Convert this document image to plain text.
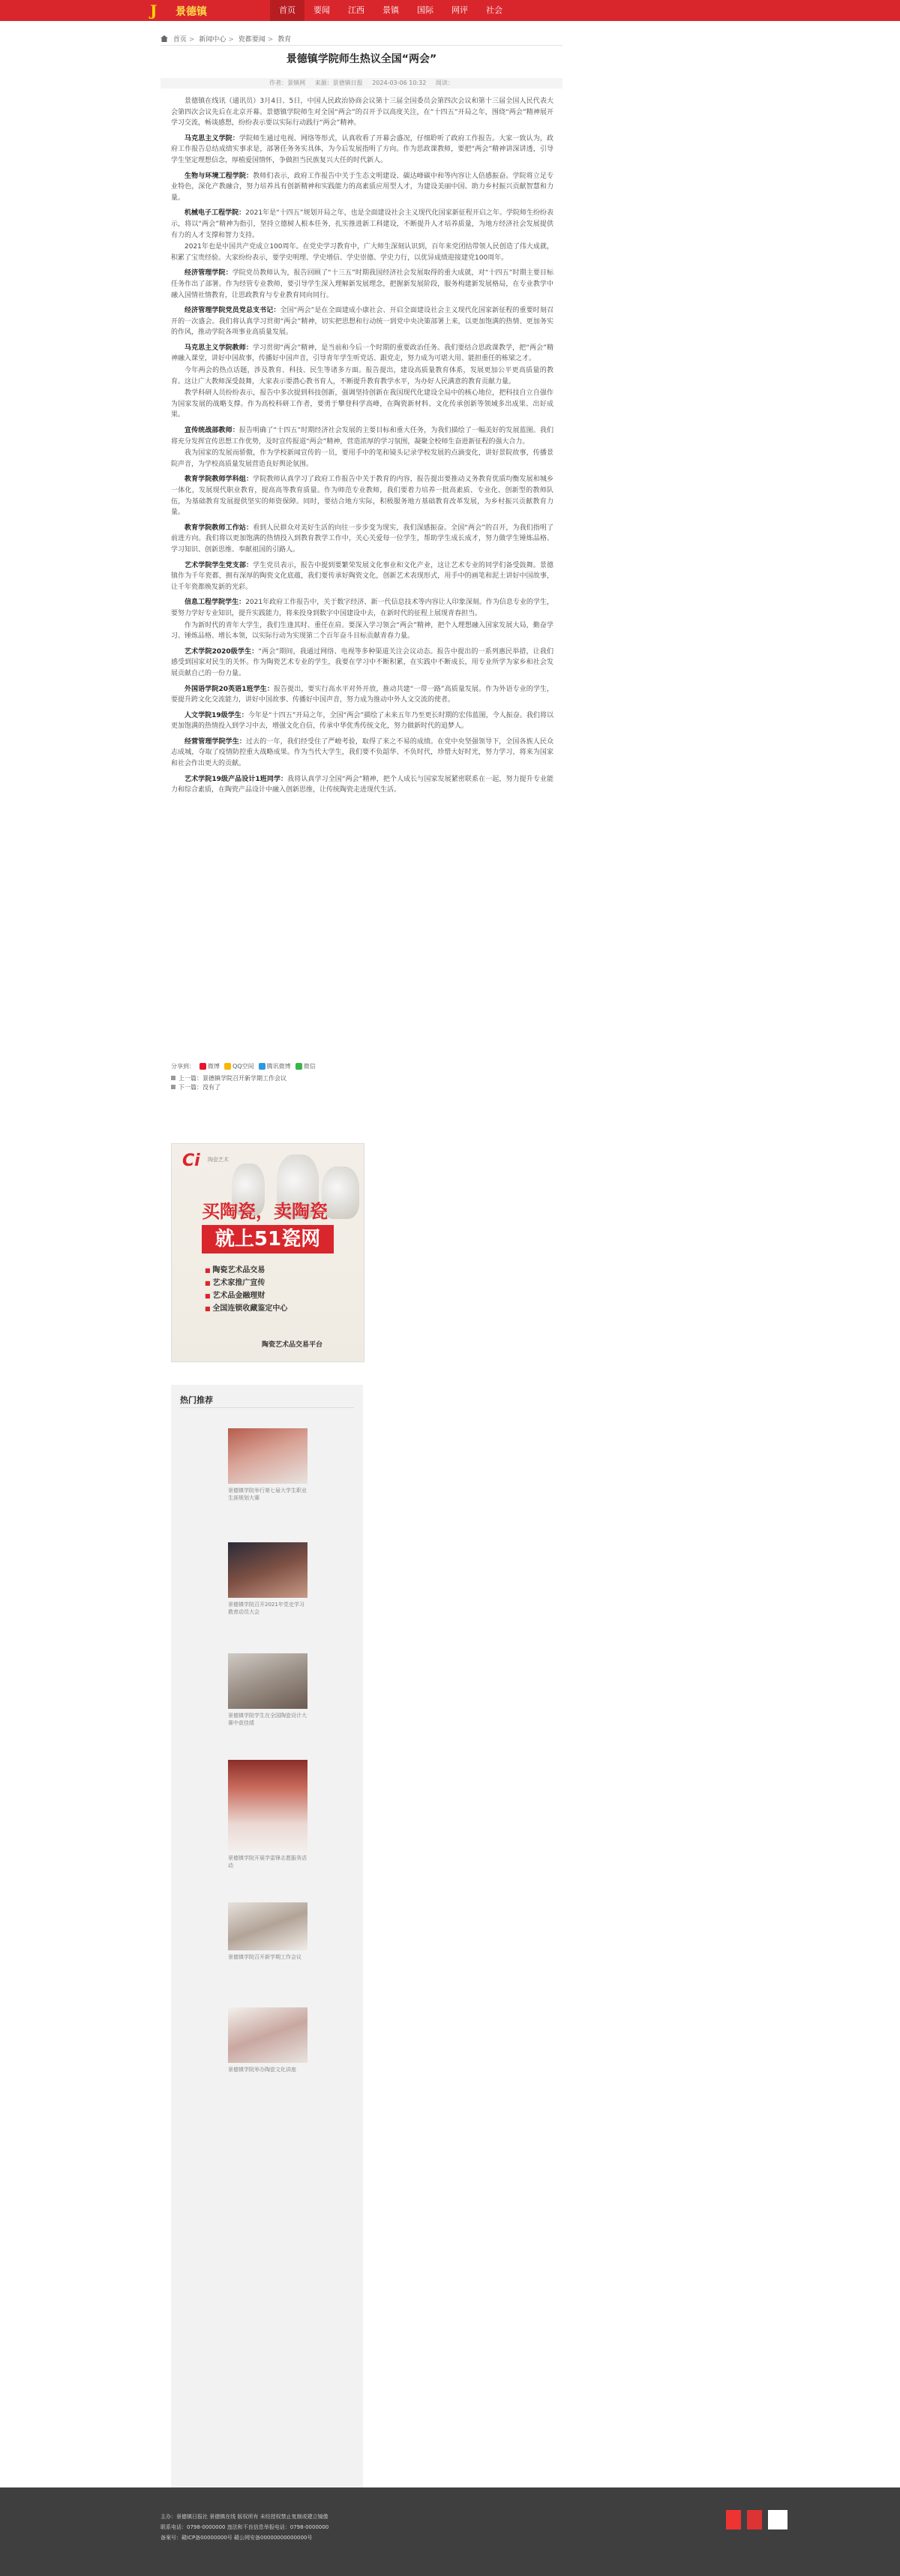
J 景德镇	首页	要闻	江西	景镇	国际	网评	社会
首页 > 新闻中心 > 瓷都要闻 > 教育
景德镇学院师生热议全国“两会”
作者：景镇网 来源：景德镇日报 2024-03-06 10:32 阅读：

景德镇在线讯（通讯员）3月4日、5日，中国人民政治协商会议第十三届全国委员会第四次会议和第十三届全国人民代表大会第四次会议先后在北京开幕。景德镇学院师生对全国“两会”的召开予以高度关注，在“十四五”开局之年，围绕“两会”精神展开学习交流，畅谈感想，纷纷表示要以实际行动践行“两会”精神。

马克思主义学院：学院师生通过电视、网络等形式，认真收看了开幕会盛况，仔细聆听了政府工作报告。大家一致认为，政府工作报告总结成绩实事求是，部署任务务实具体，为今后发展指明了方向。作为思政课教师，要把“两会”精神讲深讲透，引导学生坚定理想信念，厚植爱国情怀，争做担当民族复兴大任的时代新人。

生物与环境工程学院：教师们表示，政府工作报告中关于生态文明建设、碳达峰碳中和等内容让人倍感振奋。学院将立足专业特色，深化产教融合，努力培养具有创新精神和实践能力的高素质应用型人才，为建设美丽中国、助力乡村振兴贡献智慧和力量。

机械电子工程学院：2021年是“十四五”规划开局之年，也是全面建设社会主义现代化国家新征程开启之年。学院师生纷纷表示，将以“两会”精神为指引，坚持立德树人根本任务，扎实推进新工科建设，不断提升人才培养质量，为地方经济社会发展提供有力的人才支撑和智力支持。

2021年也是中国共产党成立100周年。在党史学习教育中，广大师生深刻认识到，百年来党团结带领人民创造了伟大成就，积累了宝贵经验。大家纷纷表示，要学史明理、学史增信、学史崇德、学史力行，以优异成绩迎接建党100周年。

经济管理学院：学院党员教师认为，报告回顾了“十三五”时期我国经济社会发展取得的重大成就，对“十四五”时期主要目标任务作出了部署。作为经管专业教师，要引导学生深入理解新发展理念，把握新发展阶段，服务构建新发展格局，在专业教学中融入国情社情教育，让思政教育与专业教育同向同行。

经济管理学院党员党总支书记：全国“两会”是在全面建成小康社会、开启全面建设社会主义现代化国家新征程的重要时刻召开的一次盛会。我们将认真学习贯彻“两会”精神，切实把思想和行动统一到党中央决策部署上来，以更加饱满的热情、更加务实的作风，推动学院各项事业高质量发展。

马克思主义学院教师：学习贯彻“两会”精神，是当前和今后一个时期的重要政治任务。我们要结合思政课教学，把“两会”精神融入课堂，讲好中国故事，传播好中国声音，引导青年学生听党话、跟党走，努力成为可堪大用、能担重任的栋梁之才。

今年两会的热点话题，涉及教育、科技、民生等诸多方面。报告提出，建设高质量教育体系，发展更加公平更高质量的教育。这让广大教师深受鼓舞，大家表示要潜心教书育人，不断提升教育教学水平，为办好人民满意的教育贡献力量。

教学科研人员纷纷表示，报告中多次提到科技创新，强调坚持创新在我国现代化建设全局中的核心地位，把科技自立自强作为国家发展的战略支撑。作为高校科研工作者，要勇于攀登科学高峰，在陶瓷新材料、文化传承创新等领域多出成果、出好成果。

宣传统战部教师：报告明确了“十四五”时期经济社会发展的主要目标和重大任务，为我们描绘了一幅美好的发展蓝图。我们将充分发挥宣传思想工作优势，及时宣传报道“两会”精神，营造浓厚的学习氛围，凝聚全校师生奋进新征程的强大合力。

我为国家的发展而骄傲，作为学校新闻宣传的一员，要用手中的笔和镜头记录学校发展的点滴变化，讲好景院故事，传播景院声音，为学校高质量发展营造良好舆论氛围。

教育学院教师学科组：学院教师认真学习了政府工作报告中关于教育的内容，报告提出要推动义务教育优质均衡发展和城乡一体化，发展现代职业教育，提高高等教育质量。作为师范专业教师，我们要着力培养一批高素质、专业化、创新型的教师队伍，为基础教育发展提供坚实的师资保障。同时，要结合地方实际，积极服务地方基础教育改革发展，为乡村振兴贡献教育力量。

教育学院教师工作站：看到人民群众对美好生活的向往一步步变为现实，我们深感振奋。全国“两会”的召开，为我们指明了前进方向。我们将以更加饱满的热情投入到教育教学工作中，关心关爱每一位学生，帮助学生成长成才，努力做学生锤炼品格、学习知识、创新思维、奉献祖国的引路人。

艺术学院学生党支部：学生党员表示，报告中提到要繁荣发展文化事业和文化产业，这让艺术专业的同学们备受鼓舞。景德镇作为千年瓷都，拥有深厚的陶瓷文化底蕴，我们要传承好陶瓷文化，创新艺术表现形式，用手中的画笔和泥土讲好中国故事，让千年瓷都焕发新的光彩。

信息工程学院学生：2021年政府工作报告中，关于数字经济、新一代信息技术等内容让人印象深刻。作为信息专业的学生，要努力学好专业知识，提升实践能力，将来投身到数字中国建设中去，在新时代的征程上展现青春担当。

作为新时代的青年大学生，我们生逢其时、重任在肩。要深入学习领会“两会”精神，把个人理想融入国家发展大局，勤奋学习、锤炼品格、增长本领，以实际行动为实现第二个百年奋斗目标贡献青春力量。

艺术学院2020级学生：“两会”期间，我通过网络、电视等多种渠道关注会议动态。报告中提出的一系列惠民举措，让我们感受到国家对民生的关怀。作为陶瓷艺术专业的学生，我要在学习中不断积累，在实践中不断成长，用专业所学为家乡和社会发展贡献自己的一份力量。

外国语学院20英语1班学生：报告提出，要实行高水平对外开放，推动共建“一带一路”高质量发展。作为外语专业的学生，要提升跨文化交流能力，讲好中国故事、传播好中国声音，努力成为推动中外人文交流的使者。

人文学院19级学生：今年是“十四五”开局之年，全国“两会”描绘了未来五年乃至更长时期的宏伟蓝图，令人振奋。我们将以更加饱满的热情投入到学习中去，增强文化自信，传承中华优秀传统文化，努力做新时代的追梦人。

经营管理学院学生：过去的一年，我们经受住了严峻考验，取得了来之不易的成绩。在党中央坚强领导下，全国各族人民众志成城，夺取了疫情防控重大战略成果。作为当代大学生，我们要不负韶华、不负时代，珍惜大好时光，努力学习，将来为国家和社会作出更大的贡献。

艺术学院19级产品设计1班同学：我将认真学习全国“两会”精神，把个人成长与国家发展紧密联系在一起，努力提升专业能力和综合素质，在陶瓷产品设计中融入创新思维，让传统陶瓷走进现代生活。

分享到： 微博 QQ空间 腾讯微博 微信
上一篇：景德镇学院召开新学期工作会议
下一篇：没有了
Ci 陶瓷艺术
买陶瓷，卖陶瓷
就上51瓷网
■ 陶瓷艺术品交易
■ 艺术家推广宣传
■ 艺术品金融理财
■ 全国连锁收藏鉴定中心
陶瓷艺术品交易平台
热门推荐
景德镇学院举行第七届大学生职业生涯规划大赛
景德镇学院召开2021年党史学习教育动员大会
景德镇学院学生在全国陶瓷设计大赛中获佳绩
景德镇学院开展学雷锋志愿服务活动
景德镇学院召开新学期工作会议
景德镇学院举办陶瓷文化讲座
主办：景德镇日报社 景德镇在线 版权所有 未经授权禁止复制或建立镜像
联系电话：0798-0000000 违法和不良信息举报电话：0798-0000000
备案号：赣ICP备00000000号 赣公网安备00000000000000号
